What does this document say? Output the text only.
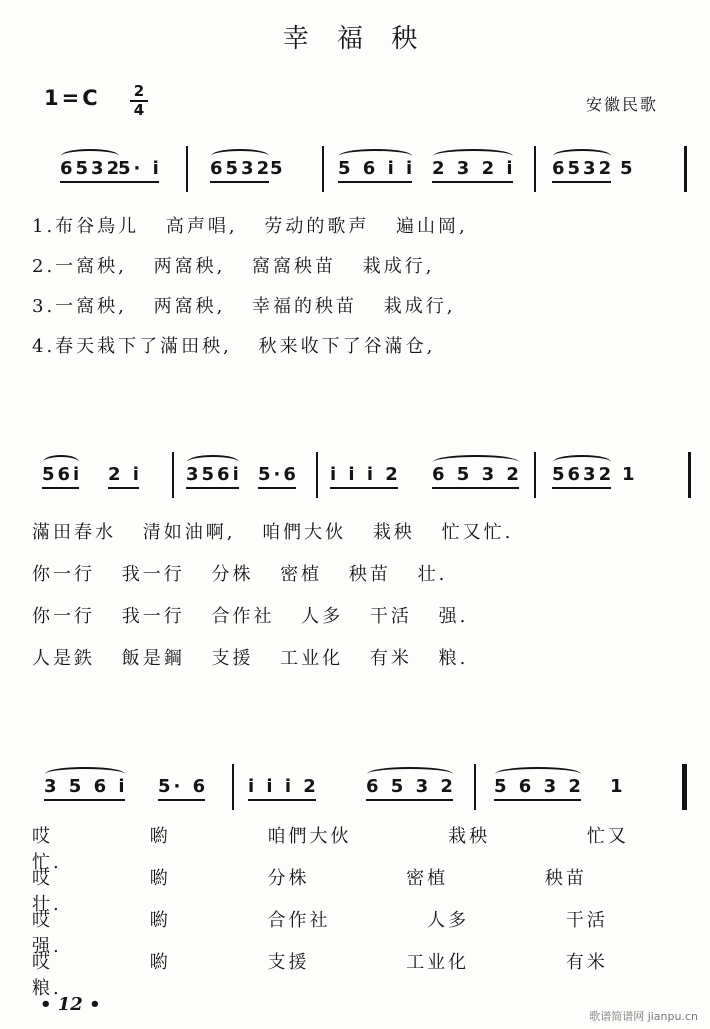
幸 福 秧
1=C 2
4	安徽民歌
6532
5· i	6532
5	5 6 i i 2 3 2 i 6532 5
1.布谷鳥儿 高声唱, 劳动的歌声 遍山岡,
2.一窩秧, 两窩秧, 窩窩秧苗 栽成行,
3.一窩秧, 两窩秧, 幸福的秧苗 栽成行,
4.春天栽下了滿田秧, 秋来收下了谷滿仓,
56i 2 i 356i 5·6 i i i 2 6 5 3 2 5632 1
滿田春水 清如油啊, 咱們大伙 栽秧 忙又忙.
你一行 我一行 分株 密植 秧苗 壮.
你一行 我一行 合作社 人多 干活 强.
人是鉄 飯是鋼 支援 工业化 有米 粮.
3 5 6 i 5· 6 i i i 2	6 5 3 2 5 6 3 2 1
哎 喲 咱們大伙 栽秧 忙又 忙.
哎 喲 分株 密植 秧苗 壮.
哎 喲 合作社 人多 干活 强.
哎 喲 支援 工业化 有米 粮.
• 12 •
歌谱简谱网 jianpu.cn
